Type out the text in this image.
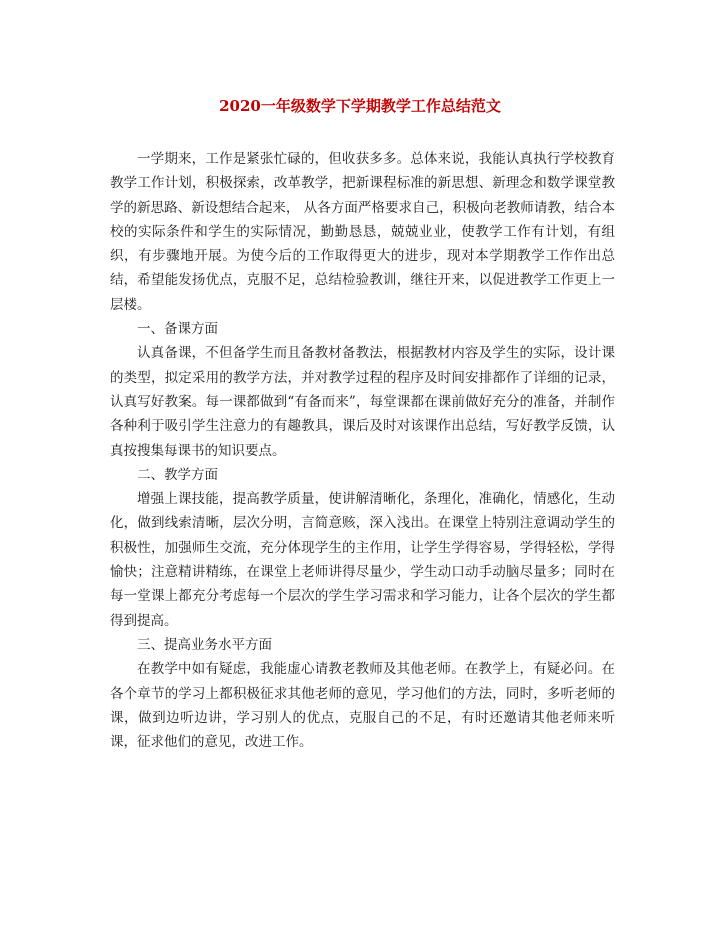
2020一年级数学下学期教学工作总结范文

一学期来，工作是紧张忙碌的，但收获多多。总体来说，我能认真执行学校教育教学工作计划，积极探索，改革教学，把新课程标准的新思想、新理念和数学课堂教学的新思路、新设想结合起来， 从各方面严格要求自己，积极向老教师请教，结合本校的实际条件和学生的实际情况，勤勤恳恳，兢兢业业，使教学工作有计划，有组织，有步骤地开展。为使今后的工作取得更大的进步，现对本学期教学工作作出总结，希望能发扬优点，克服不足，总结检验教训，继往开来，以促进教学工作更上一层楼。

一、备课方面

认真备课，不但备学生而且备教材备教法，根据教材内容及学生的实际，设计课的类型，拟定采用的教学方法，并对教学过程的程序及时间安排都作了详细的记录，认真写好教案。每一课都做到“有备而来”，每堂课都在课前做好充分的准备，并制作各种利于吸引学生注意力的有趣教具，课后及时对该课作出总结，写好教学反馈，认真按搜集每课书的知识要点。

二、教学方面

增强上课技能，提高教学质量，使讲解清晰化，条理化，准确化，情感化，生动化，做到线索清晰，层次分明，言简意赅，深入浅出。在课堂上特别注意调动学生的积极性，加强师生交流，充分体现学生的主作用，让学生学得容易，学得轻松，学得愉快；注意精讲精练，在课堂上老师讲得尽量少，学生动口动手动脑尽量多；同时在每一堂课上都充分考虑每一个层次的学生学习需求和学习能力，让各个层次的学生都得到提高。

三、提高业务水平方面

在教学中如有疑虑，我能虚心请教老教师及其他老师。在教学上，有疑必问。在各个章节的学习上都积极征求其他老师的意见，学习他们的方法，同时，多听老师的课，做到边听边讲，学习别人的优点，克服自己的不足，有时还邀请其他老师来听课，征求他们的意见，改进工作。
